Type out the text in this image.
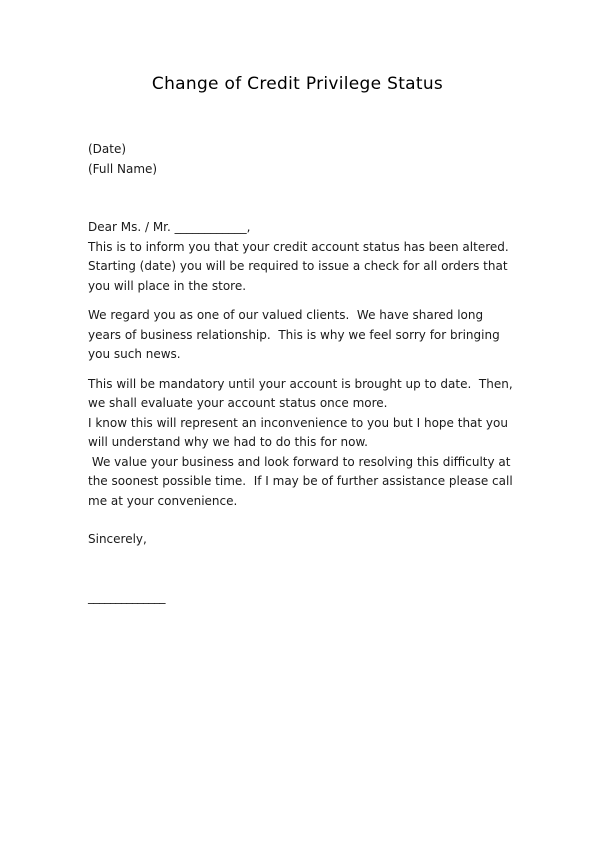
Change of Credit Privilege Status
(Date)
(Full Name)
Dear Ms. / Mr. ____________,
This is to inform you that your credit account status has been altered.
Starting (date) you will be required to issue a check for all orders that
you will place in the store.
We regard you as one of our valued clients.  We have shared long
years of business relationship.  This is why we feel sorry for bringing
you such news.
This will be mandatory until your account is brought up to date.  Then,
we shall evaluate your account status once more.
I know this will represent an inconvenience to you but I hope that you
will understand why we had to do this for now.
We value your business and look forward to resolving this difficulty at
the soonest possible time.  If I may be of further assistance please call
me at your convenience.
Sincerely,
______________
